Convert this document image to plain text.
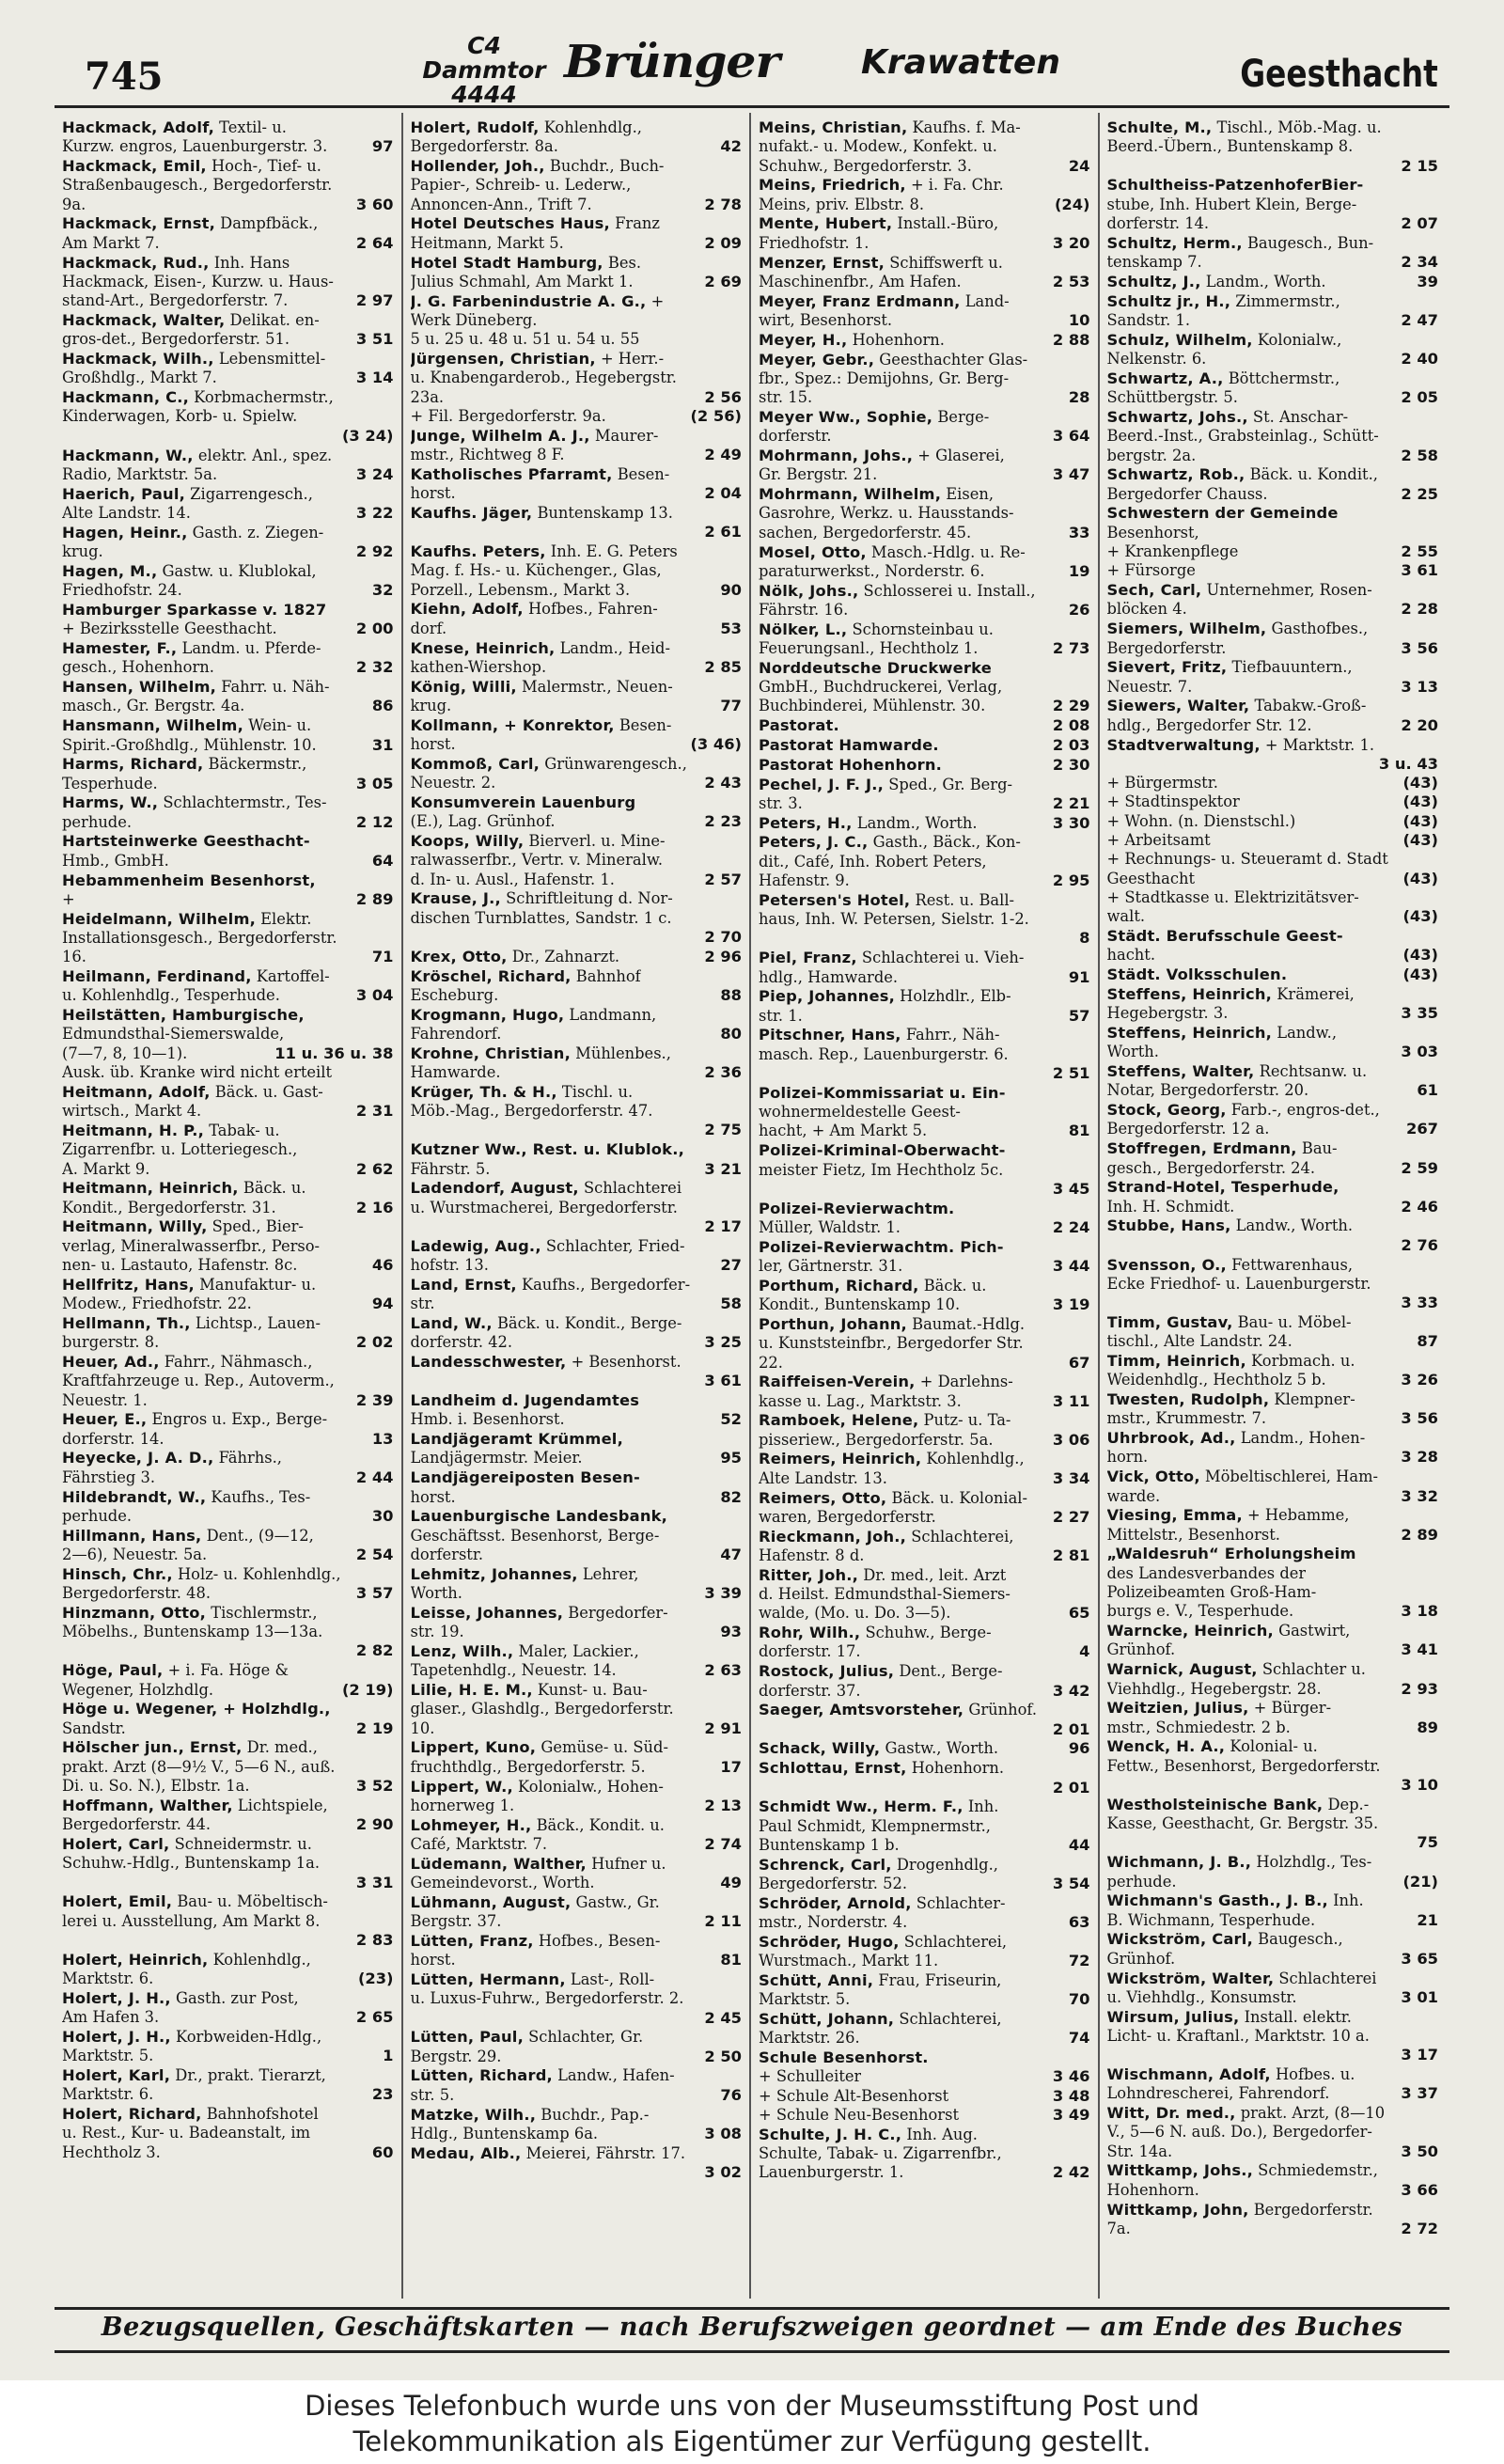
745
C4 Dammtor
4444
Brünger Krawatten	Geesthacht
Hackmack, Adolf, Textil- u.
Kurzw. engros, Lauenburgerstr. 3.	97
Hackmack, Emil, Hoch-, Tief- u.
Straßenbaugesch., Bergedorferstr.
9a.	3 60
Hackmack, Ernst, Dampfbäck.,
Am Markt 7.	2 64
Hackmack, Rud., Inh. Hans
Hackmack, Eisen-, Kurzw. u. Haus-
stand-Art., Bergedorferstr. 7.	2 97
Hackmack, Walter, Delikat. en-
gros-det., Bergedorferstr. 51.	3 51
Hackmack, Wilh., Lebensmittel-
Großhdlg., Markt 7.	3 14
Hackmann, C., Korbmachermstr.,
Kinderwagen, Korb- u. Spielw.
(3 24)
Hackmann, W., elektr. Anl., spez.
Radio, Marktstr. 5a.	3 24
Haerich, Paul, Zigarrengesch.,
Alte Landstr. 14.	3 22
Hagen, Heinr., Gasth. z. Ziegen-
krug.	2 92
Hagen, M., Gastw. u. Klublokal,
Friedhofstr. 24.	32
Hamburger Sparkasse v. 1827
+ Bezirksstelle Geesthacht.	2 00
Hamester, F., Landm. u. Pferde-
gesch., Hohenhorn.	2 32
Hansen, Wilhelm, Fahrr. u. Näh-
masch., Gr. Bergstr. 4a.	86
Hansmann, Wilhelm, Wein- u.
Spirit.-Großhdlg., Mühlenstr. 10.	31
Harms, Richard, Bäckermstr.,
Tesperhude.	3 05
Harms, W., Schlachtermstr., Tes-
perhude.	2 12
Hartsteinwerke Geesthacht-
Hmb., GmbH.	64
Hebammenheim Besenhorst,
+	2 89
Heidelmann, Wilhelm, Elektr.
Installationsgesch., Bergedorferstr.
16.	71
Heilmann, Ferdinand, Kartoffel-
u. Kohlenhdlg., Tesperhude.	3 04
Heilstätten, Hamburgische,
Edmundsthal-Siemerswalde,
(7—7, 8, 10—1).	11 u. 36 u. 38
Ausk. üb. Kranke wird nicht erteilt
Heitmann, Adolf, Bäck. u. Gast-
wirtsch., Markt 4.	2 31
Heitmann, H. P., Tabak- u.
Zigarrenfbr. u. Lotteriegesch.,
A. Markt 9.	2 62
Heitmann, Heinrich, Bäck. u.
Kondit., Bergedorferstr. 31.	2 16
Heitmann, Willy, Sped., Bier-
verlag, Mineralwasserfbr., Perso-
nen- u. Lastauto, Hafenstr. 8c.	46
Hellfritz, Hans, Manufaktur- u.
Modew., Friedhofstr. 22.	94
Hellmann, Th., Lichtsp., Lauen-
burgerstr. 8.	2 02
Heuer, Ad., Fahrr., Nähmasch.,
Kraftfahrzeuge u. Rep., Autoverm.,
Neuestr. 1.	2 39
Heuer, E., Engros u. Exp., Berge-
dorferstr. 14.	13
Heyecke, J. A. D., Fährhs.,
Fährstieg 3.	2 44
Hildebrandt, W., Kaufhs., Tes-
perhude.	30
Hillmann, Hans, Dent., (9—12,
2—6), Neuestr. 5a.	2 54
Hinsch, Chr., Holz- u. Kohlenhdlg.,
Bergedorferstr. 48.	3 57
Hinzmann, Otto, Tischlermstr.,
Möbelhs., Buntenskamp 13—13a.
2 82
Höge, Paul, + i. Fa. Höge &
Wegener, Holzhdlg.	(2 19)
Höge u. Wegener, + Holzhdlg.,
Sandstr.	2 19
Hölscher jun., Ernst, Dr. med.,
prakt. Arzt (8—9½ V., 5—6 N., auß.
Di. u. So. N.), Elbstr. 1a.	3 52
Hoffmann, Walther, Lichtspiele,
Bergedorferstr. 44.	2 90
Holert, Carl, Schneidermstr. u.
Schuhw.-Hdlg., Buntenskamp 1a.
3 31
Holert, Emil, Bau- u. Möbeltisch-
lerei u. Ausstellung, Am Markt 8.
2 83
Holert, Heinrich, Kohlenhdlg.,
Marktstr. 6.	(23)
Holert, J. H., Gasth. zur Post,
Am Hafen 3.	2 65
Holert, J. H., Korbweiden-Hdlg.,
Marktstr. 5.	1
Holert, Karl, Dr., prakt. Tierarzt,
Marktstr. 6.	23
Holert, Richard, Bahnhofshotel
u. Rest., Kur- u. Badeanstalt, im
Hechtholz 3.	60
Holert, Rudolf, Kohlenhdlg.,
Bergedorferstr. 8a.	42
Hollender, Joh., Buchdr., Buch-
Papier-, Schreib- u. Lederw.,
Annoncen-Ann., Trift 7.	2 78
Hotel Deutsches Haus, Franz
Heitmann, Markt 5.	2 09
Hotel Stadt Hamburg, Bes.
Julius Schmahl, Am Markt 1.	2 69
J. G. Farbenindustrie A. G., +
Werk Düneberg.
5 u. 25 u. 48 u. 51 u. 54 u. 55
Jürgensen, Christian, + Herr.-
u. Knabengarderob., Hegebergstr.
23a.	2 56
+ Fil. Bergedorferstr. 9a.	(2 56)
Junge, Wilhelm A. J., Maurer-
mstr., Richtweg 8 F.	2 49
Katholisches Pfarramt, Besen-
horst.	2 04
Kaufhs. Jäger, Buntenskamp 13.
2 61
Kaufhs. Peters, Inh. E. G. Peters
Mag. f. Hs.- u. Küchenger., Glas,
Porzell., Lebensm., Markt 3.	90
Kiehn, Adolf, Hofbes., Fahren-
dorf.	53
Knese, Heinrich, Landm., Heid-
kathen-Wiershop.	2 85
König, Willi, Malermstr., Neuen-
krug.	77
Kollmann, + Konrektor, Besen-
horst.	(3 46)
Kommoß, Carl, Grünwarengesch.,
Neuestr. 2.	2 43
Konsumverein Lauenburg
(E.), Lag. Grünhof.	2 23
Koops, Willy, Bierverl. u. Mine-
ralwasserfbr., Vertr. v. Mineralw.
d. In- u. Ausl., Hafenstr. 1.	2 57
Krause, J., Schriftleitung d. Nor-
dischen Turnblattes, Sandstr. 1 c.
2 70
Krex, Otto, Dr., Zahnarzt.	2 96
Kröschel, Richard, Bahnhof
Escheburg.	88
Krogmann, Hugo, Landmann,
Fahrendorf.	80
Krohne, Christian, Mühlenbes.,
Hamwarde.	2 36
Krüger, Th. & H., Tischl. u.
Möb.-Mag., Bergedorferstr. 47.
2 75
Kutzner Ww., Rest. u. Klublok.,
Fährstr. 5.	3 21
Ladendorf, August, Schlachterei
u. Wurstmacherei, Bergedorferstr.
2 17
Ladewig, Aug., Schlachter, Fried-
hofstr. 13.	27
Land, Ernst, Kaufhs., Bergedorfer-
str.	58
Land, W., Bäck. u. Kondit., Berge-
dorferstr. 42.	3 25
Landesschwester, + Besenhorst.
3 61
Landheim d. Jugendamtes
Hmb. i. Besenhorst.	52
Landjägeramt Krümmel,
Landjägermstr. Meier.	95
Landjägereiposten Besen-
horst.	82
Lauenburgische Landesbank,
Geschäftsst. Besenhorst, Berge-
dorferstr.	47
Lehmitz, Johannes, Lehrer,
Worth.	3 39
Leisse, Johannes, Bergedorfer-
str. 19.	93
Lenz, Wilh., Maler, Lackier.,
Tapetenhdlg., Neuestr. 14.	2 63
Lilie, H. E. M., Kunst- u. Bau-
glaser., Glashdlg., Bergedorferstr.
10.	2 91
Lippert, Kuno, Gemüse- u. Süd-
fruchthdlg., Bergedorferstr. 5.	17
Lippert, W., Kolonialw., Hohen-
hornerweg 1.	2 13
Lohmeyer, H., Bäck., Kondit. u.
Café, Marktstr. 7.	2 74
Lüdemann, Walther, Hufner u.
Gemeindevorst., Worth.	49
Lühmann, August, Gastw., Gr.
Bergstr. 37.	2 11
Lütten, Franz, Hofbes., Besen-
horst.	81
Lütten, Hermann, Last-, Roll-
u. Luxus-Fuhrw., Bergedorferstr. 2.
2 45
Lütten, Paul, Schlachter, Gr.
Bergstr. 29.	2 50
Lütten, Richard, Landw., Hafen-
str. 5.	76
Matzke, Wilh., Buchdr., Pap.-
Hdlg., Buntenskamp 6a.	3 08
Medau, Alb., Meierei, Fährstr. 17.
3 02
Meins, Christian, Kaufhs. f. Ma-
nufakt.- u. Modew., Konfekt. u.
Schuhw., Bergedorferstr. 3.	24
Meins, Friedrich, + i. Fa. Chr.
Meins, priv. Elbstr. 8.	(24)
Mente, Hubert, Install.-Büro,
Friedhofstr. 1.	3 20
Menzer, Ernst, Schiffswerft u.
Maschinenfbr., Am Hafen.	2 53
Meyer, Franz Erdmann, Land-
wirt, Besenhorst.	10
Meyer, H., Hohenhorn.	2 88
Meyer, Gebr., Geesthachter Glas-
fbr., Spez.: Demijohns, Gr. Berg-
str. 15.	28
Meyer Ww., Sophie, Berge-
dorferstr.	3 64
Mohrmann, Johs., + Glaserei,
Gr. Bergstr. 21.	3 47
Mohrmann, Wilhelm, Eisen,
Gasrohre, Werkz. u. Hausstands-
sachen, Bergedorferstr. 45.	33
Mosel, Otto, Masch.-Hdlg. u. Re-
paraturwerkst., Norderstr. 6.	19
Nölk, Johs., Schlosserei u. Install.,
Fährstr. 16.	26
Nölker, L., Schornsteinbau u.
Feuerungsanl., Hechtholz 1.	2 73
Norddeutsche Druckwerke
GmbH., Buchdruckerei, Verlag,
Buchbinderei, Mühlenstr. 30.	2 29
Pastorat.	2 08
Pastorat Hamwarde.	2 03
Pastorat Hohenhorn.	2 30
Pechel, J. F. J., Sped., Gr. Berg-
str. 3.	2 21
Peters, H., Landm., Worth.	3 30
Peters, J. C., Gasth., Bäck., Kon-
dit., Café, Inh. Robert Peters,
Hafenstr. 9.	2 95
Petersen's Hotel, Rest. u. Ball-
haus, Inh. W. Petersen, Sielstr. 1-2.
8
Piel, Franz, Schlachterei u. Vieh-
hdlg., Hamwarde.	91
Piep, Johannes, Holzhdlr., Elb-
str. 1.	57
Pitschner, Hans, Fahrr., Näh-
masch. Rep., Lauenburgerstr. 6.
2 51
Polizei-Kommissariat u. Ein-
wohnermeldestelle Geest-
hacht, + Am Markt 5.	81
Polizei-Kriminal-Oberwacht-
meister Fietz, Im Hechtholz 5c.
3 45
Polizei-Revierwachtm.
Müller, Waldstr. 1.	2 24
Polizei-Revierwachtm. Pich-
ler, Gärtnerstr. 31.	3 44
Porthum, Richard, Bäck. u.
Kondit., Buntenskamp 10.	3 19
Porthun, Johann, Baumat.-Hdlg.
u. Kunststeinfbr., Bergedorfer Str.
22.	67
Raiffeisen-Verein, + Darlehns-
kasse u. Lag., Marktstr. 3.	3 11
Ramboek, Helene, Putz- u. Ta-
pisseriew., Bergedorferstr. 5a.	3 06
Reimers, Heinrich, Kohlenhdlg.,
Alte Landstr. 13.	3 34
Reimers, Otto, Bäck. u. Kolonial-
waren, Bergedorferstr.	2 27
Rieckmann, Joh., Schlachterei,
Hafenstr. 8 d.	2 81
Ritter, Joh., Dr. med., leit. Arzt
d. Heilst. Edmundsthal-Siemers-
walde, (Mo. u. Do. 3—5).	65
Rohr, Wilh., Schuhw., Berge-
dorferstr. 17.	4
Rostock, Julius, Dent., Berge-
dorferstr. 37.	3 42
Saeger, Amtsvorsteher, Grünhof.
2 01
Schack, Willy, Gastw., Worth.	96
Schlottau, Ernst, Hohenhorn.
2 01
Schmidt Ww., Herm. F., Inh.
Paul Schmidt, Klempnermstr.,
Buntenskamp 1 b.	44
Schrenck, Carl, Drogenhdlg.,
Bergedorferstr. 52.	3 54
Schröder, Arnold, Schlachter-
mstr., Norderstr. 4.	63
Schröder, Hugo, Schlachterei,
Wurstmach., Markt 11.	72
Schütt, Anni, Frau, Friseurin,
Marktstr. 5.	70
Schütt, Johann, Schlachterei,
Marktstr. 26.	74
Schule Besenhorst.
+ Schulleiter	3 46
+ Schule Alt-Besenhorst	3 48
+ Schule Neu-Besenhorst	3 49
Schulte, J. H. C., Inh. Aug.
Schulte, Tabak- u. Zigarrenfbr.,
Lauenburgerstr. 1.	2 42
Schulte, M., Tischl., Möb.-Mag. u.
Beerd.-Übern., Buntenskamp 8.
2 15
Schultheiss-PatzenhoferBier-
stube, Inh. Hubert Klein, Berge-
dorferstr. 14.	2 07
Schultz, Herm., Baugesch., Bun-
tenskamp 7.	2 34
Schultz, J., Landm., Worth.	39
Schultz jr., H., Zimmermstr.,
Sandstr. 1.	2 47
Schulz, Wilhelm, Kolonialw.,
Nelkenstr. 6.	2 40
Schwartz, A., Böttchermstr.,
Schüttbergstr. 5.	2 05
Schwartz, Johs., St. Anschar-
Beerd.-Inst., Grabsteinlag., Schütt-
bergstr. 2a.	2 58
Schwartz, Rob., Bäck. u. Kondit.,
Bergedorfer Chauss.	2 25
Schwestern der Gemeinde
Besenhorst,
+ Krankenpflege	2 55
+ Fürsorge	3 61
Sech, Carl, Unternehmer, Rosen-
blöcken 4.	2 28
Siemers, Wilhelm, Gasthofbes.,
Bergedorferstr.	3 56
Sievert, Fritz, Tiefbauuntern.,
Neuestr. 7.	3 13
Siewers, Walter, Tabakw.-Groß-
hdlg., Bergedorfer Str. 12.	2 20
Stadtverwaltung, + Marktstr. 1.
3 u. 43
+ Bürgermstr.	(43)
+ Stadtinspektor	(43)
+ Wohn. (n. Dienstschl.)	(43)
+ Arbeitsamt	(43)
+ Rechnungs- u. Steueramt d. Stadt
Geesthacht	(43)
+ Stadtkasse u. Elektrizitätsver-
walt.	(43)
Städt. Berufsschule Geest-
hacht.	(43)
Städt. Volksschulen.	(43)
Steffens, Heinrich, Krämerei,
Hegebergstr. 3.	3 35
Steffens, Heinrich, Landw.,
Worth.	3 03
Steffens, Walter, Rechtsanw. u.
Notar, Bergedorferstr. 20.	61
Stock, Georg, Farb.-, engros-det.,
Bergedorferstr. 12 a.	267
Stoffregen, Erdmann, Bau-
gesch., Bergedorferstr. 24.	2 59
Strand-Hotel, Tesperhude,
Inh. H. Schmidt.	2 46
Stubbe, Hans, Landw., Worth.
2 76
Svensson, O., Fettwarenhaus,
Ecke Friedhof- u. Lauenburgerstr.
3 33
Timm, Gustav, Bau- u. Möbel-
tischl., Alte Landstr. 24.	87
Timm, Heinrich, Korbmach. u.
Weidenhdlg., Hechtholz 5 b.	3 26
Twesten, Rudolph, Klempner-
mstr., Krummestr. 7.	3 56
Uhrbrook, Ad., Landm., Hohen-
horn.	3 28
Vick, Otto, Möbeltischlerei, Ham-
warde.	3 32
Viesing, Emma, + Hebamme,
Mittelstr., Besenhorst.	2 89
„Waldesruh“ Erholungsheim
des Landesverbandes der
Polizeibeamten Groß-Ham-
burgs e. V., Tesperhude.	3 18
Warncke, Heinrich, Gastwirt,
Grünhof.	3 41
Warnick, August, Schlachter u.
Viehhdlg., Hegebergstr. 28.	2 93
Weitzien, Julius, + Bürger-
mstr., Schmiedestr. 2 b.	89
Wenck, H. A., Kolonial- u.
Fettw., Besenhorst, Bergedorferstr.
3 10
Westholsteinische Bank, Dep.-
Kasse, Geesthacht, Gr. Bergstr. 35.
75
Wichmann, J. B., Holzhdlg., Tes-
perhude.	(21)
Wichmann's Gasth., J. B., Inh.
B. Wichmann, Tesperhude.	21
Wickström, Carl, Baugesch.,
Grünhof.	3 65
Wickström, Walter, Schlachterei
u. Viehhdlg., Konsumstr.	3 01
Wirsum, Julius, Install. elektr.
Licht- u. Kraftanl., Marktstr. 10 a.
3 17
Wischmann, Adolf, Hofbes. u.
Lohndrescherei, Fahrendorf.	3 37
Witt, Dr. med., prakt. Arzt, (8—10
V., 5—6 N. auß. Do.), Bergedorfer-
Str. 14a.	3 50
Wittkamp, Johs., Schmiedemstr.,
Hohenhorn.	3 66
Wittkamp, John, Bergedorferstr.
7a.	2 72
Bezugsquellen, Geschäftskarten — nach Berufszweigen geordnet — am Ende des Buches
Dieses Telefonbuch wurde uns von der Museumsstiftung Post und
Telekommunikation als Eigentümer zur Verfügung gestellt.
